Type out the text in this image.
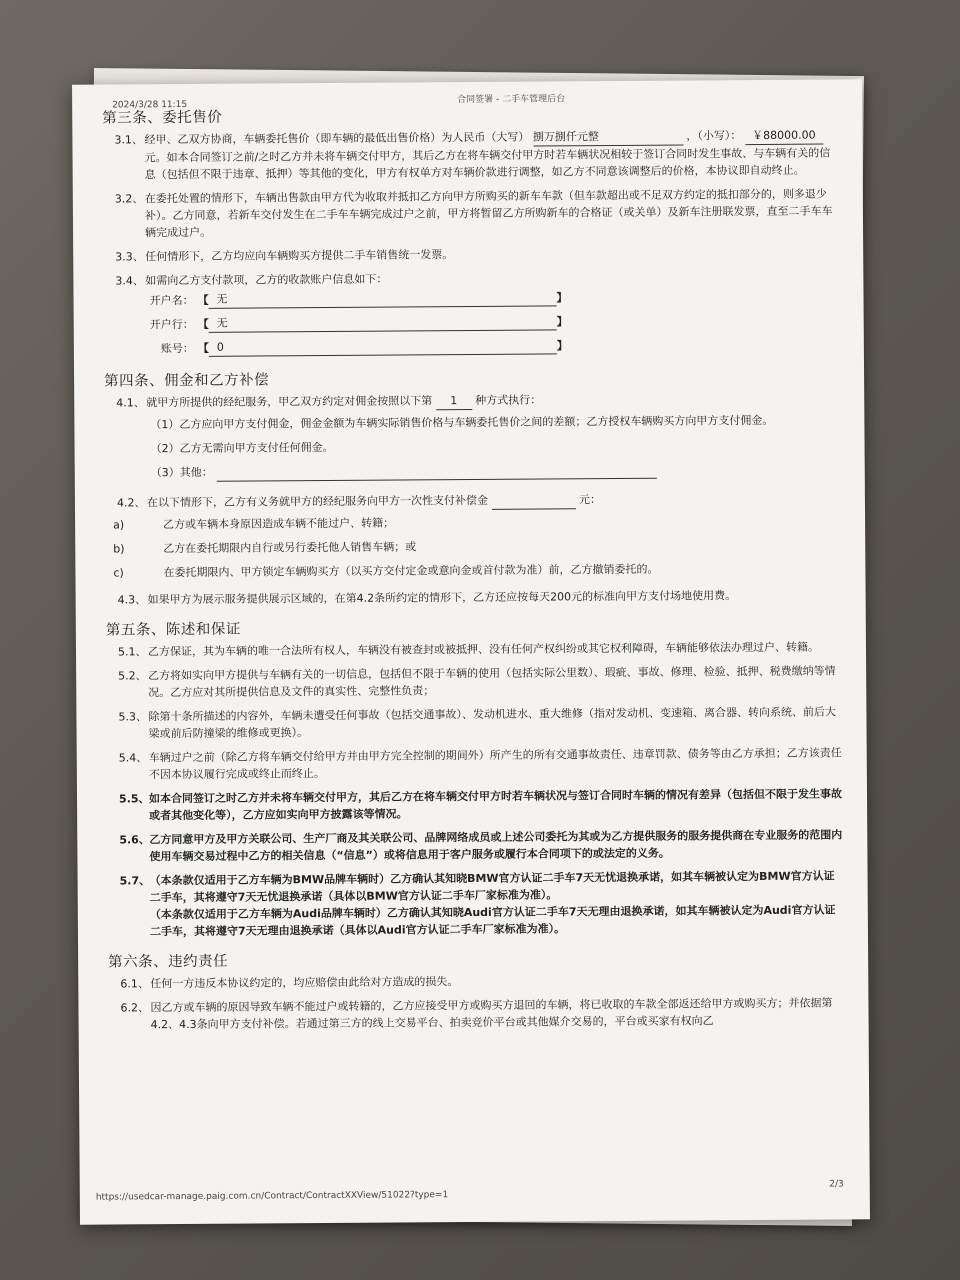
2024/3/28 11:15
合同签署 - 二手车管理后台
第三条、委托售价
3.1、 经甲、乙双方协商，车辆委托售价（即车辆的最低出售价格）为人民币（大写） 捌万捌仟元整	，（小写）： ￥88000.00 元。如本合同签订之前/之时乙方并未将车辆交付甲方，其后乙方在将车辆交付甲方时若车辆状况相较于签订合同时发生事故、与车辆有关的信息（包括但不限于违章、抵押）等其他的变化，甲方有权单方对车辆价款进行调整，如乙方不同意该调整后的价格，本协议即自动终止。
3.2、 在委托处置的情形下，车辆出售款由甲方代为收取并抵扣乙方向甲方所购买的新车车款（但车款超出或不足双方约定的抵扣部分的，则多退少补）。乙方同意，若新车交付发生在二手车车辆完成过户之前，甲方将暂留乙方所购新车的合格证（或关单）及新车注册联发票，直至二手车车辆完成过户。
3.3、 任何情形下，乙方均应向车辆购买方提供二手车销售统一发票。
3.4、 如需向乙方支付款项，乙方的收款账户信息如下：
开户名： 【 无	】
开户行： 【 无	】
账号： 【 0	】
第四条、佣金和乙方补偿
4.1、 就甲方所提供的经纪服务，甲乙双方约定对佣金按照以下第 1 种方式执行：
（1）乙方应向甲方支付佣金，佣金金额为车辆实际销售价格与车辆委托售价之间的差额；乙方授权车辆购买方向甲方支付佣金。
（2）乙方无需向甲方支付任何佣金。
（3）其他：
4.2、 在以下情形下，乙方有义务就甲方的经纪服务向甲方一次性支付补偿金	元：
a)	乙方或车辆本身原因造成车辆不能过户、转籍；
b)	乙方在委托期限内自行或另行委托他人销售车辆；或
c)	在委托期限内、甲方锁定车辆购买方（以买方交付定金或意向金或首付款为准）前，乙方撤销委托的。
4.3、 如果甲方为展示服务提供展示区域的，在第4.2条所约定的情形下，乙方还应按每天200元的标准向甲方支付场地使用费。
第五条、陈述和保证
5.1、 乙方保证，其为车辆的唯一合法所有权人，车辆没有被查封或被抵押、没有任何产权纠纷或其它权利障碍，车辆能够依法办理过户、转籍。
5.2、 乙方将如实向甲方提供与车辆有关的一切信息，包括但不限于车辆的使用（包括实际公里数）、瑕疵、事故、修理、检验、抵押、税费缴纳等情况。乙方应对其所提供信息及文件的真实性、完整性负责；
5.3、 除第十条所描述的内容外，车辆未遭受任何事故（包括交通事故）、发动机进水、重大维修（指对发动机、变速箱、离合器、转向系统、前后大梁或前后防撞梁的维修或更换）。
5.4、 车辆过户之前（除乙方将车辆交付给甲方并由甲方完全控制的期间外）所产生的所有交通事故责任、违章罚款、债务等由乙方承担；乙方该责任不因本协议履行完成或终止而终止。
5.5、 如本合同签订之时乙方并未将车辆交付甲方，其后乙方在将车辆交付甲方时若车辆状况与签订合同时车辆的情况有差异（包括但不限于发生事故或者其他变化等），乙方应如实向甲方披露该等情况。
5.6、 乙方同意甲方及甲方关联公司、生产厂商及其关联公司、品牌网络成员或上述公司委托为其或为乙方提供服务的服务提供商在专业服务的范围内使用车辆交易过程中乙方的相关信息（“信息”）或将信息用于客户服务或履行本合同项下的或法定的义务。
5.7、 （本条款仅适用于乙方车辆为BMW品牌车辆时）乙方确认其知晓BMW官方认证二手车7天无忧退换承诺，如其车辆被认定为BMW官方认证二手车，其将遵守7天无忧退换承诺（具体以BMW官方认证二手车厂家标准为准）。
（本条款仅适用于乙方车辆为Audi品牌车辆时）乙方确认其知晓Audi官方认证二手车7天无理由退换承诺，如其车辆被认定为Audi官方认证二手车，其将遵守7天无理由退换承诺（具体以Audi官方认证二手车厂家标准为准）。
第六条、违约责任
6.1、 任何一方违反本协议约定的，均应赔偿由此给对方造成的损失。
6.2、 因乙方或车辆的原因导致车辆不能过户或转籍的，乙方应接受甲方或购买方退回的车辆，将已收取的车款全部返还给甲方或购买方；并依据第4.2、4.3条向甲方支付补偿。若通过第三方的线上交易平台、拍卖竞价平台或其他媒介交易的，平台或买家有权向乙
https://usedcar-manage.paig.com.cn/Contract/ContractXXView/51022?type=1
2/3
